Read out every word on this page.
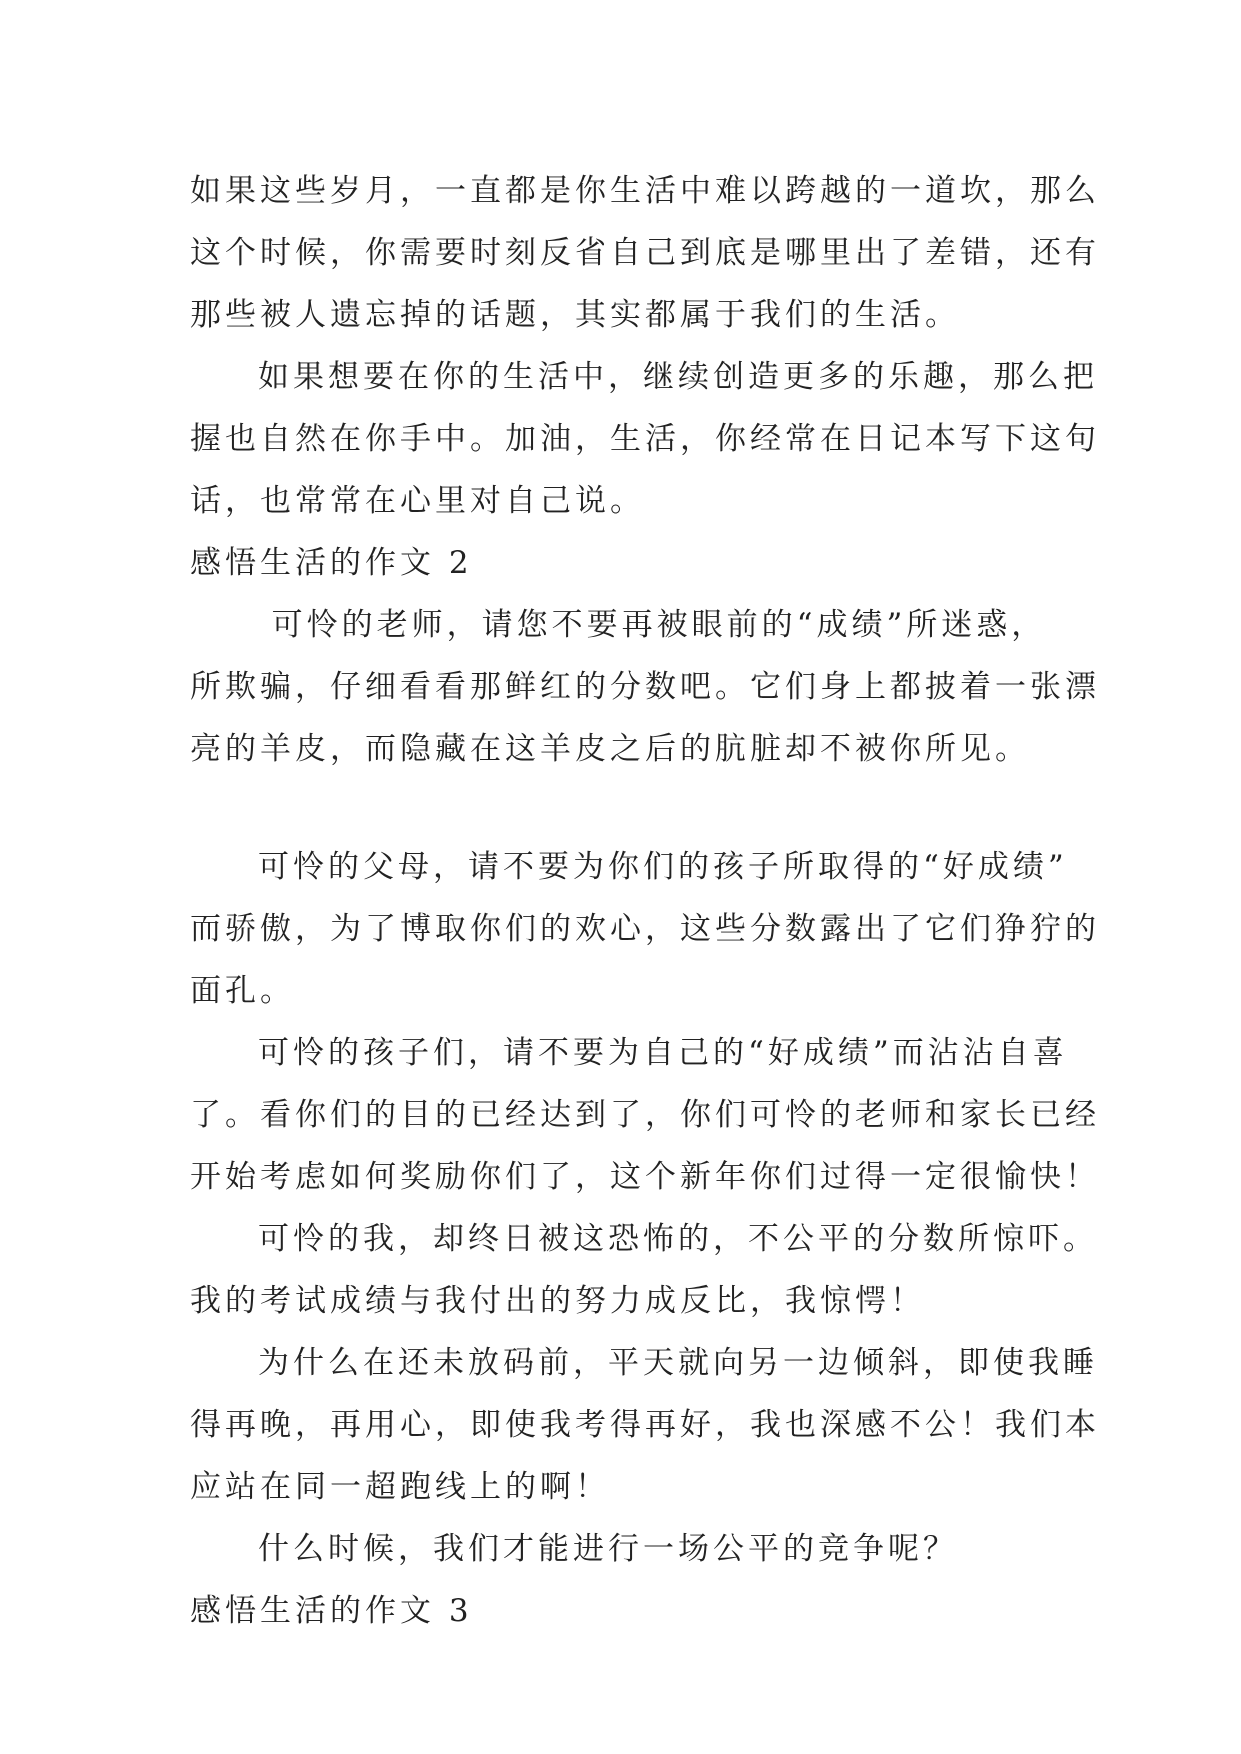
如果这些岁月，一直都是你生活中难以跨越的一道坎，那么
这个时候，你需要时刻反省自己到底是哪里出了差错，还有
那些被人遗忘掉的话题，其实都属于我们的生活。
如果想要在你的生活中，继续创造更多的乐趣，那么把
握也自然在你手中。加油，生活，你经常在日记本写下这句
话，也常常在心里对自己说。
感悟生活的作文 2
可怜的老师，请您不要再被眼前的“成绩”所迷惑，
所欺骗，仔细看看那鲜红的分数吧。它们身上都披着一张漂
亮的羊皮，而隐藏在这羊皮之后的肮脏却不被你所见。
可怜的父母，请不要为你们的孩子所取得的“好成绩”
而骄傲，为了博取你们的欢心，这些分数露出了它们狰狞的
面孔。
可怜的孩子们，请不要为自己的“好成绩”而沾沾自喜
了。看你们的目的已经达到了，你们可怜的老师和家长已经
开始考虑如何奖励你们了，这个新年你们过得一定很愉快！
可怜的我，却终日被这恐怖的，不公平的分数所惊吓。
我的考试成绩与我付出的努力成反比，我惊愕！
为什么在还未放码前，平天就向另一边倾斜，即使我睡
得再晚，再用心，即使我考得再好，我也深感不公！我们本
应站在同一超跑线上的啊！
什么时候，我们才能进行一场公平的竞争呢？
感悟生活的作文 3
